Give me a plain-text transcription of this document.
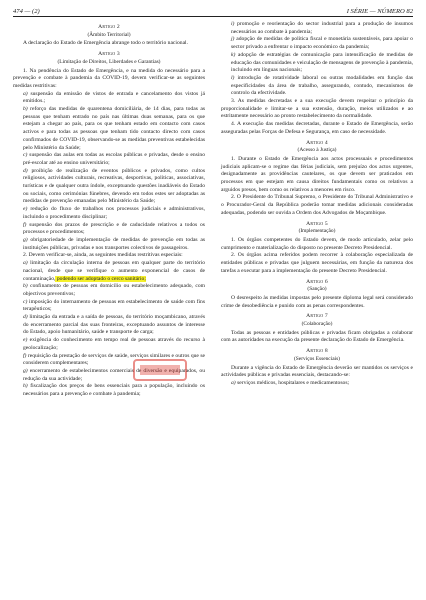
474 — (2)	I SÉRIE — NÚMERO 82
Artigo 2
(Âmbito Territorial)
A declaração do Estado de Emergência abrange todo o território nacional.
Artigo 3
(Limitação de Direitos, Liberdades e Garantias)
1. Na pendência do Estado de Emergência, e na medida do necessário para a prevenção e combate à pandemia da COVID-19, devem verificar-se as seguintes medidas restritivas:
a) suspensão da emissão de vistos de entrada e cancelamento dos vistos já emitidos.;
b) reforço das medidas de quarentena domiciliária, de 14 dias, para todas as pessoas que tenham entrado no país nas últimas duas semanas, para os que estejam a chegar ao país, para os que tenham estado em contacto com casos activos e para todas as pessoas que tenham tido contacto directo com casos confirmados de COVID-19, observando-se as medidas preventivas estabelecidas pelo Ministério da Saúde;
c) suspensão das aulas em todas as escolas públicas e privadas, desde o ensino pré-escolar até ao ensino universitário;
d) proibição de realização de eventos públicos e privados, como cultos religiosos, actividades culturais, recreativas, desportivas, políticas, associativas, turísticas e de qualquer outra índole, exceptuando questões inadiáveis do Estado ou sociais, como cerimónias fúnebres, devendo em todos estes ser adoptadas as medidas de prevenção emanadas pelo Ministério da Saúde;
e) redução do fluxo de trabalhos nos processos judiciais e administrativos, incluindo o procedimento disciplinar;
f) suspensão dos prazos de prescrição e de caducidade relativos a todos os processos e procedimentos;
g) obrigatoriedade de implementação de medidas de prevenção em todas as instituições públicas, privadas e nos transportes colectivos de passageiros.
2. Devem verificar-se, ainda, as seguintes medidas restritivas especiais:
a) limitação da circulação interna de pessoas em qualquer parte do território nacional, desde que se verifique o aumento exponencial de casos de contaminação, podendo ser adoptado o cerco sanitário;
b) confinamento de pessoas em domicílio ou estabelecimento adequado, com objectivos preventivos;
c) imposição do internamento de pessoas em estabelecimento de saúde com fins terapêuticos;
d) limitação da entrada e a saída de pessoas, do território moçambicano, através do encerramento parcial das suas fronteiras, exceptuando assuntos de interesse do Estado, apoio humanitário, saúde e transporte de carga;
e) exigência do conhecimento em tempo real de pessoas através do recurso à geolocalização;
f) requisição da prestação de serviços de saúde, serviços similares e outros que se considerem complementares;
g) encerramento de estabelecimentos comerciais de diversão e equiparados, ou redução da sua actividade;
h) fiscalização dos preços de bens essenciais para a população, incluindo os necessários para a prevenção e combate à pandemia;
i) promoção e reorientação do sector industrial para a produção de insumos necessários ao combate à pandemia;
j) adopção de medidas de política fiscal e monetária sustentáveis, para apoiar o sector privado a enfrentar o impacto económico da pandemia;
k) adopção de estratégias de comunicação para intensificação de medidas de educação das comunidades e veiculação de mensagens de prevenção à pandemia, incluindo em línguas nacionais;
l) introdução de rotatividade laboral ou outras modalidades em função das especificidades da área de trabalho, assegurando, contudo, mecanismos de controlo da efectividade.
3. As medidas decretadas e a sua execução devem respeitar o princípio da proporcionalidade e limitar-se a sua extensão, duração, meios utilizados e ao estritamente necessário ao pronto restabelecimento da normalidade.
4. A execução das medidas decretadas, durante o Estado de Emergência, serão asseguradas pelas Forças de Defesa e Segurança, em caso de necessidade.
Artigo 4
(Acesso à Justiça)
1. Durante o Estado de Emergência aos actos processuais e procedimentos judiciais aplicam-se o regime das férias judiciais, sem prejuízo dos actos urgentes, designadamente as providências cautelares, os que devem ser praticados em processos em que estejam em causa direitos fundamentais como os relativos a arguidos presos, bem como os relativos a menores em risco.
2. O Presidente do Tribunal Supremo, o Presidente do Tribunal Administrativo e o Procurador-Geral da República poderão tomar medidas adicionais consideradas adequadas, podendo ser ouvida a Ordem dos Advogados de Moçambique.
Artigo 5
(Implementação)
1. Os órgãos competentes do Estado devem, de modo articulado, zelar pelo cumprimento e materialização do disposto no presente Decreto Presidencial.
2. Os órgãos acima referidos podem recorrer à colaboração especializada de entidades públicas e privadas que julguem necessárias, em função da natureza dos tarefas a executar para a implementação do presente Decreto Presidencial.
Artigo 6
(Sanção)
O desrespeito às medidas impostas pelo presente diploma legal será considerado crime de desobediência e punido com as penas correspondentes.
Artigo 7
(Colaboração)
Todas as pessoas e entidades públicas e privadas ficam obrigadas a colaborar com as autoridades na execução da presente declaração do Estado de Emergência.
Artigo 8
(Serviços Essenciais)
Durante a vigência do Estado de Emergência deverão ser mantidos os serviços e actividades públicas e privadas essenciais, destacando-se:
a) serviços médicos, hospitalares e medicamentosos;
